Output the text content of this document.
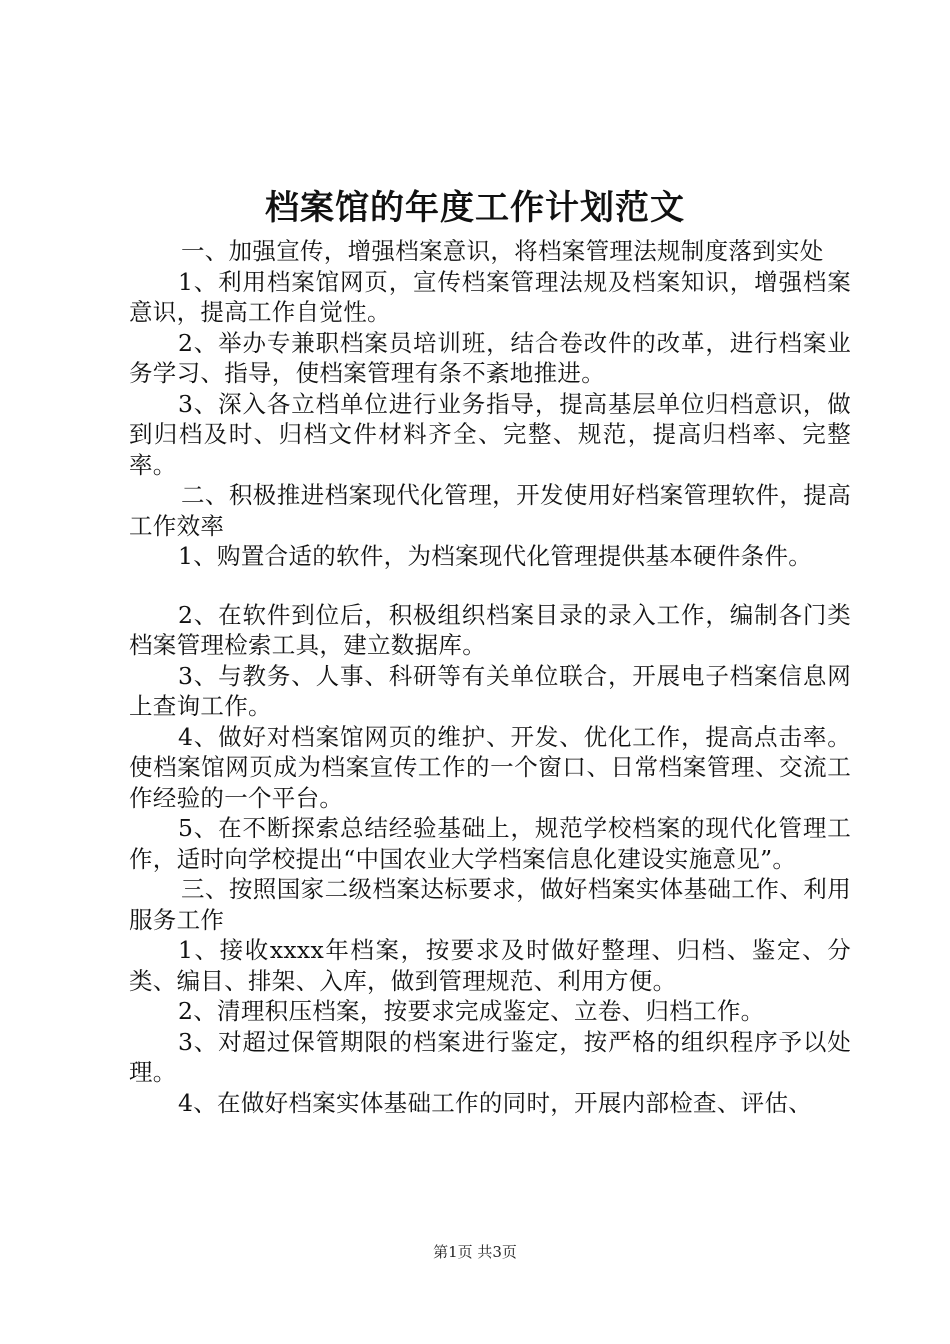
档案馆的年度工作计划范文

一、加强宣传，增强档案意识，将档案管理法规制度落到实处

1、利用档案馆网页，宣传档案管理法规及档案知识，增强档案意识，提高工作自觉性。

2、举办专兼职档案员培训班，结合卷改件的改革，进行档案业务学习、指导，使档案管理有条不紊地推进。

3、深入各立档单位进行业务指导，提高基层单位归档意识，做到归档及时、归档文件材料齐全、完整、规范，提高归档率、完整率。

二、积极推进档案现代化管理，开发使用好档案管理软件，提高工作效率

1、购置合适的软件，为档案现代化管理提供基本硬件条件。

2、在软件到位后，积极组织档案目录的录入工作，编制各门类档案管理检索工具，建立数据库。

3、与教务、人事、科研等有关单位联合，开展电子档案信息网上查询工作。

4、做好对档案馆网页的维护、开发、优化工作，提高点击率。使档案馆网页成为档案宣传工作的一个窗口、日常档案管理、交流工作经验的一个平台。

5、在不断探索总结经验基础上，规范学校档案的现代化管理工作，适时向学校提出“中国农业大学档案信息化建设实施意见”。

三、按照国家二级档案达标要求，做好档案实体基础工作、利用服务工作

1、接收xxxx年档案，按要求及时做好整理、归档、鉴定、分类、编目、排架、入库，做到管理规范、利用方便。

2、清理积压档案，按要求完成鉴定、立卷、归档工作。

3、对超过保管期限的档案进行鉴定，按严格的组织程序予以处理。

4、在做好档案实体基础工作的同时，开展内部检查、评估、

第1页 共3页
